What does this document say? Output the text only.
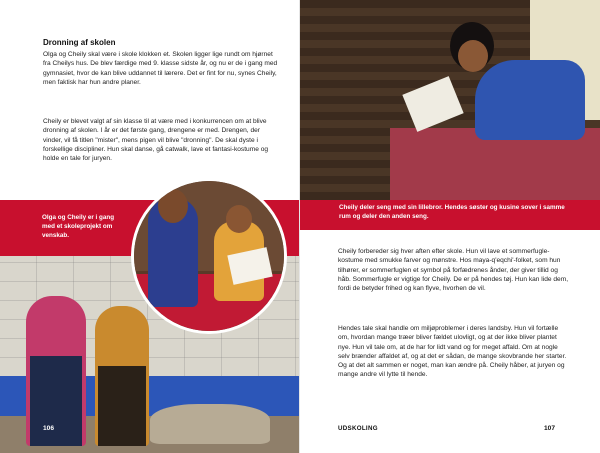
Dronning af skolen

Olga og Cheily skal være i skole klokken et. Skolen ligger lige rundt om hjørnet fra Cheilys hus. De blev færdige med 9. klasse sidste år, og nu er de i gang med gymnasiet, hvor de kan blive uddannet til lærere. Det er fint for nu, synes Cheily, men faktisk har hun andre planer.

Cheily er blevet valgt af sin klasse til at være med i konkurrencen om at blive dronning af skolen. I år er det første gang, drengene er med. Drengen, der vinder, vil få titlen "mister", mens pigen vil blive "dronning". De skal dyste i forskellige discipliner. Hun skal danse, gå catwalk, lave et fantasi-kostume og holde en tale for juryen.

Olga og Cheily er i gang med et skoleprojekt om venskab.
106
Cheily deler seng med sin lillebror. Hendes søster og kusine sover i samme rum og deler den anden seng.

Cheily forbereder sig hver aften efter skole. Hun vil lave et sommerfugle-kostume med smukke farver og mønstre. Hos maya-q'eqchi'-folket, som hun tilhører, er sommerfuglen et symbol på forfædrenes ånder, der giver tillid og håb. Sommerfugle er vigtige for Cheily. De er på hendes tøj. Hun kan lide dem, fordi de betyder frihed og kan flyve, hvorhen de vil.

Hendes tale skal handle om miljøproblemer i deres landsby. Hun vil fortælle om, hvordan mange træer bliver fældet ulovligt, og at der ikke bliver plantet nye. Hun vil tale om, at de har for lidt vand og for meget affald. Om at nogle selv brænder affaldet af, og at det er sådan, de mange skovbrande her starter. Og at det alt sammen er noget, man kan ændre på. Cheily håber, at juryen og mange andre vil lytte til hende.

UDSKOLING	107
